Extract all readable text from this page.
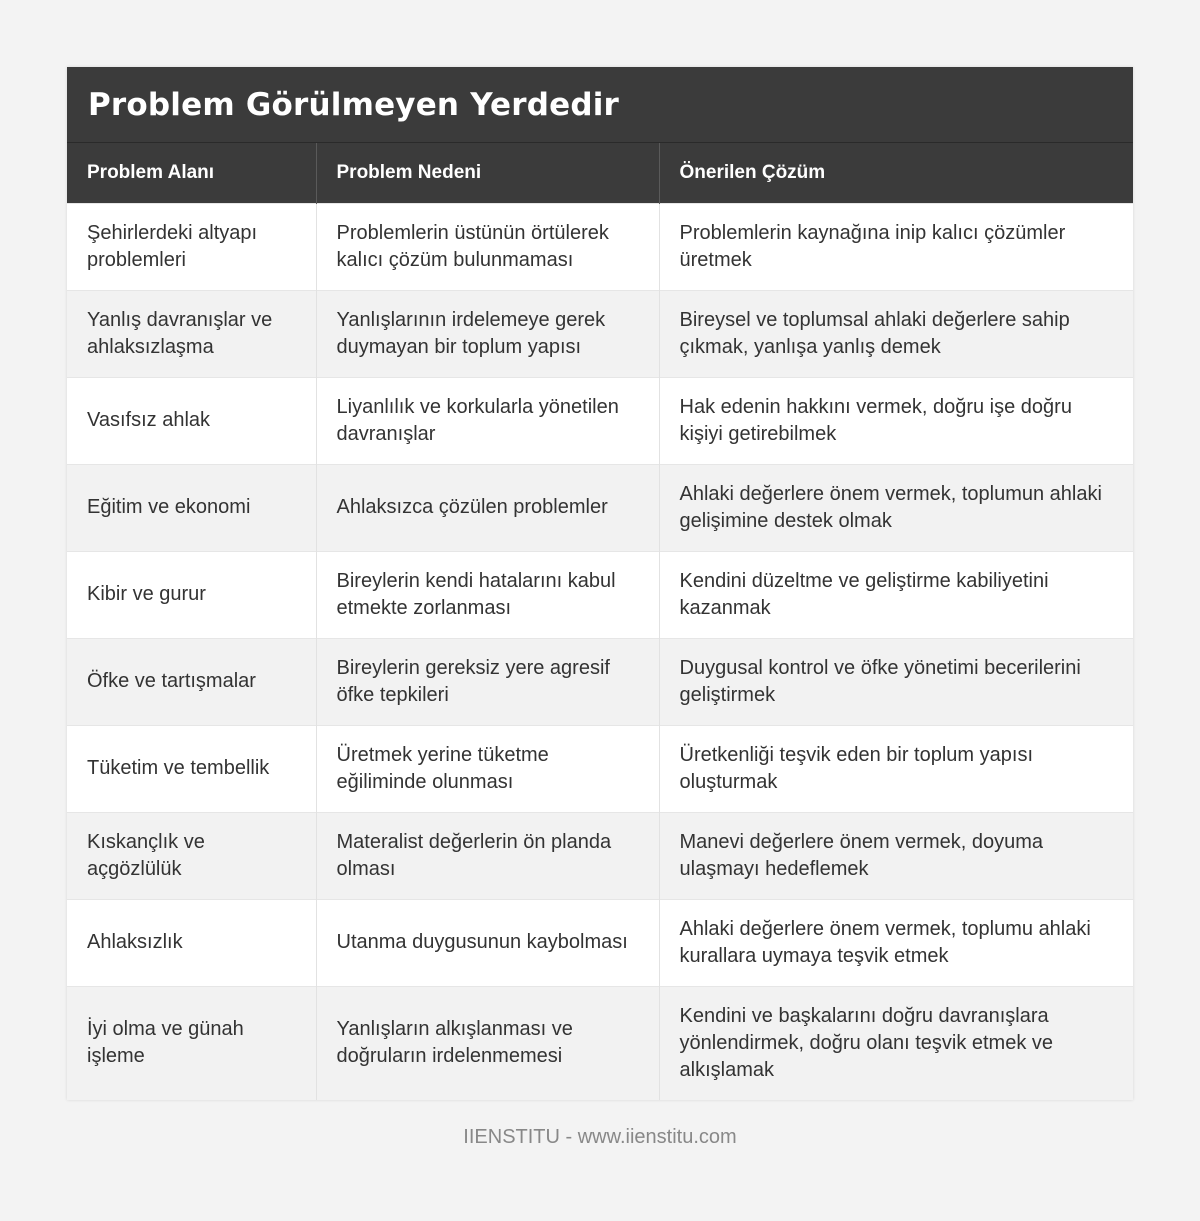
Problem Görülmeyen Yerdedir
Problem Alanı	Problem Nedeni	Önerilen Çözüm
Şehirlerdeki altyapı problemleri	Problemlerin üstünün örtülerek kalıcı çözüm bulunmaması	Problemlerin kaynağına inip kalıcı çözümler üretmek
Yanlış davranışlar ve ahlaksızlaşma	Yanlışlarının irdelemeye gerek duymayan bir toplum yapısı	Bireysel ve toplumsal ahlaki değerlere sahip çıkmak, yanlışa yanlış demek
Vasıfsız ahlak	Liyanlılık ve korkularla yönetilen davranışlar	Hak edenin hakkını vermek, doğru işe doğru kişiyi getirebilmek
Eğitim ve ekonomi	Ahlaksızca çözülen problemler	Ahlaki değerlere önem vermek, toplumun ahlaki gelişimine destek olmak
Kibir ve gurur	Bireylerin kendi hatalarını kabul etmekte zorlanması	Kendini düzeltme ve geliştirme kabiliyetini kazanmak
Öfke ve tartışmalar	Bireylerin gereksiz yere agresif öfke tepkileri	Duygusal kontrol ve öfke yönetimi becerilerini geliştirmek
Tüketim ve tembellik	Üretmek yerine tüketme eğiliminde olunması	Üretkenliği teşvik eden bir toplum yapısı oluşturmak
Kıskançlık ve açgözlülük	Materalist değerlerin ön planda olması	Manevi değerlere önem vermek, doyuma ulaşmayı hedeflemek
Ahlaksızlık	Utanma duygusunun kaybolması	Ahlaki değerlere önem vermek, toplumu ahlaki kurallara uymaya teşvik etmek
İyi olma ve günah işleme	Yanlışların alkışlanması ve doğruların irdelenmemesi	Kendini ve başkalarını doğru davranışlara yönlendirmek, doğru olanı teşvik etmek ve alkışlamak
IIENSTITU - www.iienstitu.com
